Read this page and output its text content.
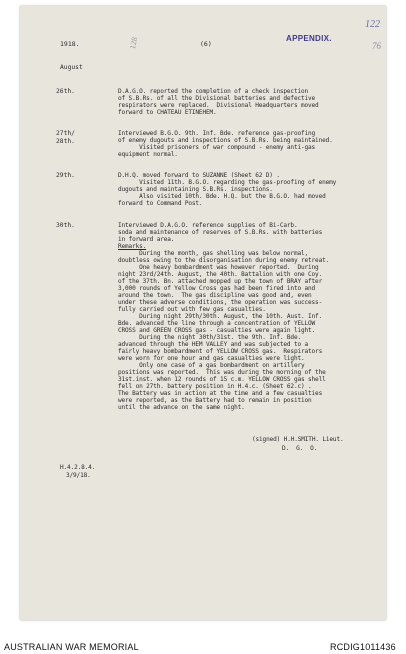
1918.	(6)
APPENDIX.
122
76
128
August
26th.	D.A.G.O. reported the completion of a check inspection
of S.B.Rs. of all the Divisional batteries and defective
respirators were replaced.  Divisional Headquarters moved
forward to CHATEAU ETINEHEM.
27th/
28th.
Interviewed B.G.O. 9th. Inf. Bde. reference gas-proofing
of enemy dugouts and inspections of S.B.Rs. being maintained.
Visited prisoners of war compound - enemy anti-gas
equipment normal.
29th.	D.H.Q. moved forward to SUZANNE (Sheet 62 D) .
Visited 11th. B.G.O. regarding the gas-proofing of enemy
dugouts and maintaining S.B.Rs. inspections.
Also visited 10th. Bde. H.Q. but the B.G.O. had moved
forward to Command Post.
30th.	Interviewed D.A.G.O. reference supplies of Bi-Carb.
soda and maintenance of reserves of S.B.Rs. with batteries
in forward area.
Remarks.
During the month, gas shelling was below normal,
doubtless owing to the disorganisation during enemy retreat.
One heavy bombardment was however reported.  During
night 23rd/24th. August, the 40th. Battalion with one Coy.
of the 37th. Bn. attached mopped up the town of BRAY after
3,000 rounds of Yellow Cross gas had been fired into and
around the town.  The gas discipline was good and, even
under these adverse conditions, the operation was success-
fully carried out with few gas casualties.
During night 29th/30th. August, the 10th. Aust. Inf.
Bde. advanced the line through a concentration of YELLOW
CROSS and GREEN CROSS gas - casualties were again light.
During the night 30th/31st. the 9th. Inf. Bde.
advanced through the HEM VALLEY and was subjected to a
fairly heavy bombardment of YELLOW CROSS gas.  Respirators
were worn for one hour and gas casualties were light.
Only one case of a gas bombardment on artillery
positions was reported.  This was during the morning of the
31st.inst. when 12 rounds of 15 c.m. YELLOW CROSS gas shell
fell on 27th. battery position in H.4.c. (Sheet 62.c) .
The Battery was in action at the time and a few casualties
were reported, as the Battery had to remain in position
until the advance on the same night.
(signed) H.H.SMITH. Lieut.
D.  G.  O.
H.4.2.8.4.
3/9/18.
AUSTRALIAN WAR MEMORIAL	RCDIG1011436
